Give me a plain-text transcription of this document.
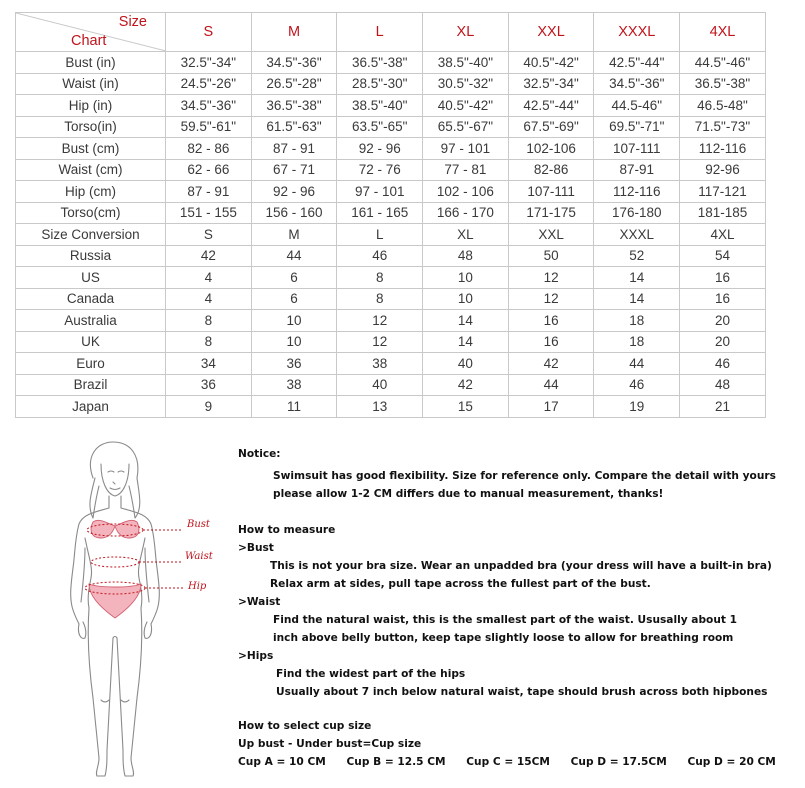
Size
Chart	S	M	L	XL	XXL	XXXL	4XL
Bust (in)	32.5"-34"	34.5"-36"	36.5"-38"	38.5"-40"	40.5"-42"	42.5"-44"	44.5"-46"
Waist (in)	24.5"-26"	26.5"-28"	28.5"-30"	30.5"-32"	32.5"-34"	34.5"-36"	36.5"-38"
Hip (in)	34.5"-36"	36.5"-38"	38.5"-40"	40.5"-42"	42.5"-44"	44.5-46"	46.5-48"
Torso(in)	59.5"-61"	61.5"-63"	63.5"-65"	65.5"-67"	67.5"-69"	69.5"-71"	71.5"-73"
Bust (cm)	82 - 86	87 - 91	92 - 96	97 - 101	102-106	107-111	112-116
Waist (cm)	62 - 66	67 - 71	72 - 76	77 - 81	82-86	87-91	92-96
Hip (cm)	87 - 91	92 - 96	97 - 101	102 - 106	107-111	112-116	117-121
Torso(cm)	151 - 155	156 - 160	161 - 165	166 - 170	171-175	176-180	181-185
Size Conversion	S	M	L	XL	XXL	XXXL	4XL
Russia	42	44	46	48	50	52	54
US	4	6	8	10	12	14	16
Canada	4	6	8	10	12	14	16
Australia	8	10	12	14	16	18	20
UK	8	10	12	14	16	18	20
Euro	34	36	38	40	42	44	46
Brazil	36	38	40	42	44	46	48
Japan	9	11	13	15	17	19	21
Bust
Waist
Hip
Notice:
Swimsuit has good flexibility. Size for reference only. Compare the detail with yours
please allow 1-2 CM differs due to manual measurement, thanks!
How to measure
>Bust
This is not your bra size. Wear an unpadded bra (your dress will have a built-in bra)
Relax arm at sides, pull tape across the fullest part of the bust.
>Waist
Find the natural waist, this is the smallest part of the waist. Ususally about 1
inch above belly button, keep tape slightly loose to allow for breathing room
>Hips
Find the widest part of the hips
Usually about 7 inch below natural waist, tape should brush across both hipbones
How to select cup size
Up bust - Under bust=Cup size
Cup A = 10 CM Cup B = 12.5 CM Cup C = 15CM Cup D = 17.5CM Cup D = 20 CM
